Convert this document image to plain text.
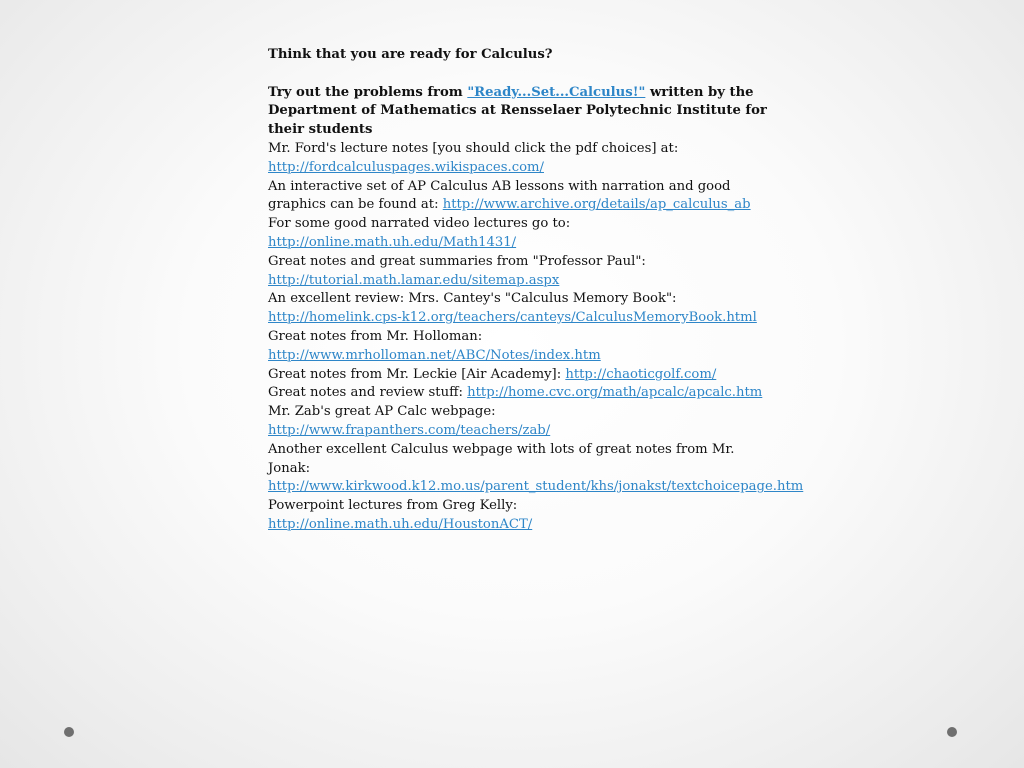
Think that you are ready for Calculus?

Try out the problems from "Ready...Set...Calculus!" written by the Department of Mathematics at Rensselaer Polytechnic Institute for their students

Mr. Ford's lecture notes [you should click the pdf choices] at: http://fordcalculuspages.wikispaces.com/

An interactive set of AP Calculus AB lessons with narration and good graphics can be found at: http://www.archive.org/details/ap_calculus_ab

For some good narrated video lectures go to: http://online.math.uh.edu/Math1431/

Great notes and great summaries from "Professor Paul": http://tutorial.math.lamar.edu/sitemap.aspx

An excellent review: Mrs. Cantey's "Calculus Memory Book": http://homelink.cps-k12.org/teachers/canteys/CalculusMemoryBook.html

Great notes from Mr. Holloman: http://www.mrholloman.net/ABC/Notes/index.htm

Great notes from Mr. Leckie [Air Academy]: http://chaoticgolf.com/

Great notes and review stuff: http://home.cvc.org/math/apcalc/apcalc.htm

Mr. Zab's great AP Calc webpage: http://www.frapanthers.com/teachers/zab/

Another excellent Calculus webpage with lots of great notes from Mr. Jonak: http://www.kirkwood.k12.mo.us/parent_student/khs/jonakst/textchoicepage.htm

Powerpoint lectures from Greg Kelly: http://online.math.uh.edu/HoustonACT/
